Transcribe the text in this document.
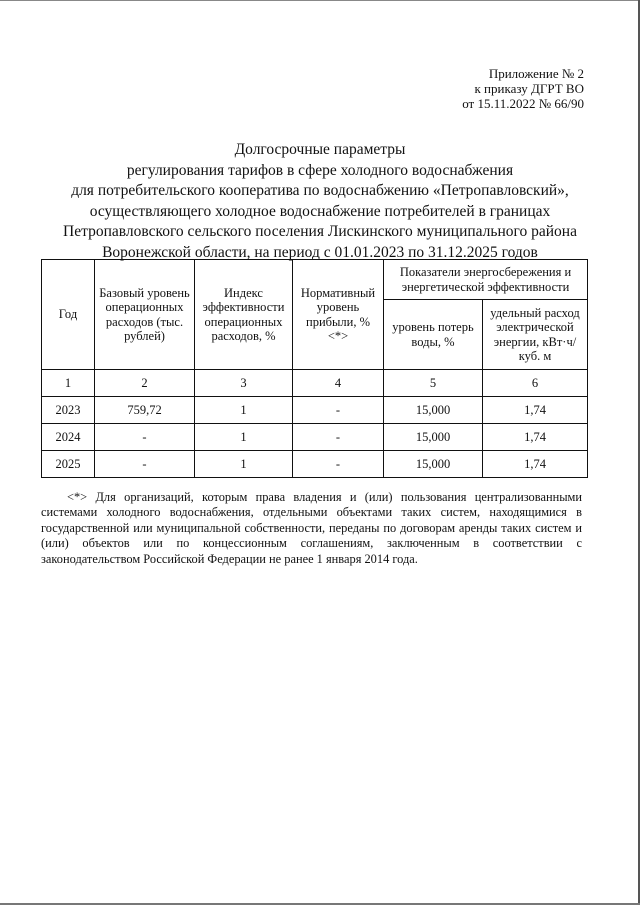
Приложение № 2
к приказу ДГРТ ВО
от 15.11.2022 № 66/90
Долгосрочные параметры
регулирования тарифов в сфере холодного водоснабжения
для потребительского кооператива по водоснабжению «Петропавловский»,
осуществляющего холодное водоснабжение потребителей в границах
Петропавловского сельского поселения Лискинского муниципального района
Воронежской области, на период с 01.01.2023 по 31.12.2025 годов
Год	Базовый уровень операционных расходов (тыс. рублей)	Индекс эффективности операционных расходов, %	Нормативный уровень прибыли, % <*>	Показатели энергосбережения и энергетической эффективности	
				уровень потерь воды, %	удельный расход электрической энергии, кВт·ч/куб. м
1	2	3	4	5	6
2023	759,72	1	-	15,000	1,74
2024	-	1	-	15,000	1,74
2025	-	1	-	15,000	1,74
<*> Для организаций, которым права владения и (или) пользования централизованными системами холодного водоснабжения, отдельными объектами таких систем, находящимися в государственной или муниципальной собственности, переданы по договорам аренды таких систем и (или) объектов или по концессионным соглашениям, заключенным в соответствии с законодательством Российской Федерации не ранее 1 января 2014 года.
